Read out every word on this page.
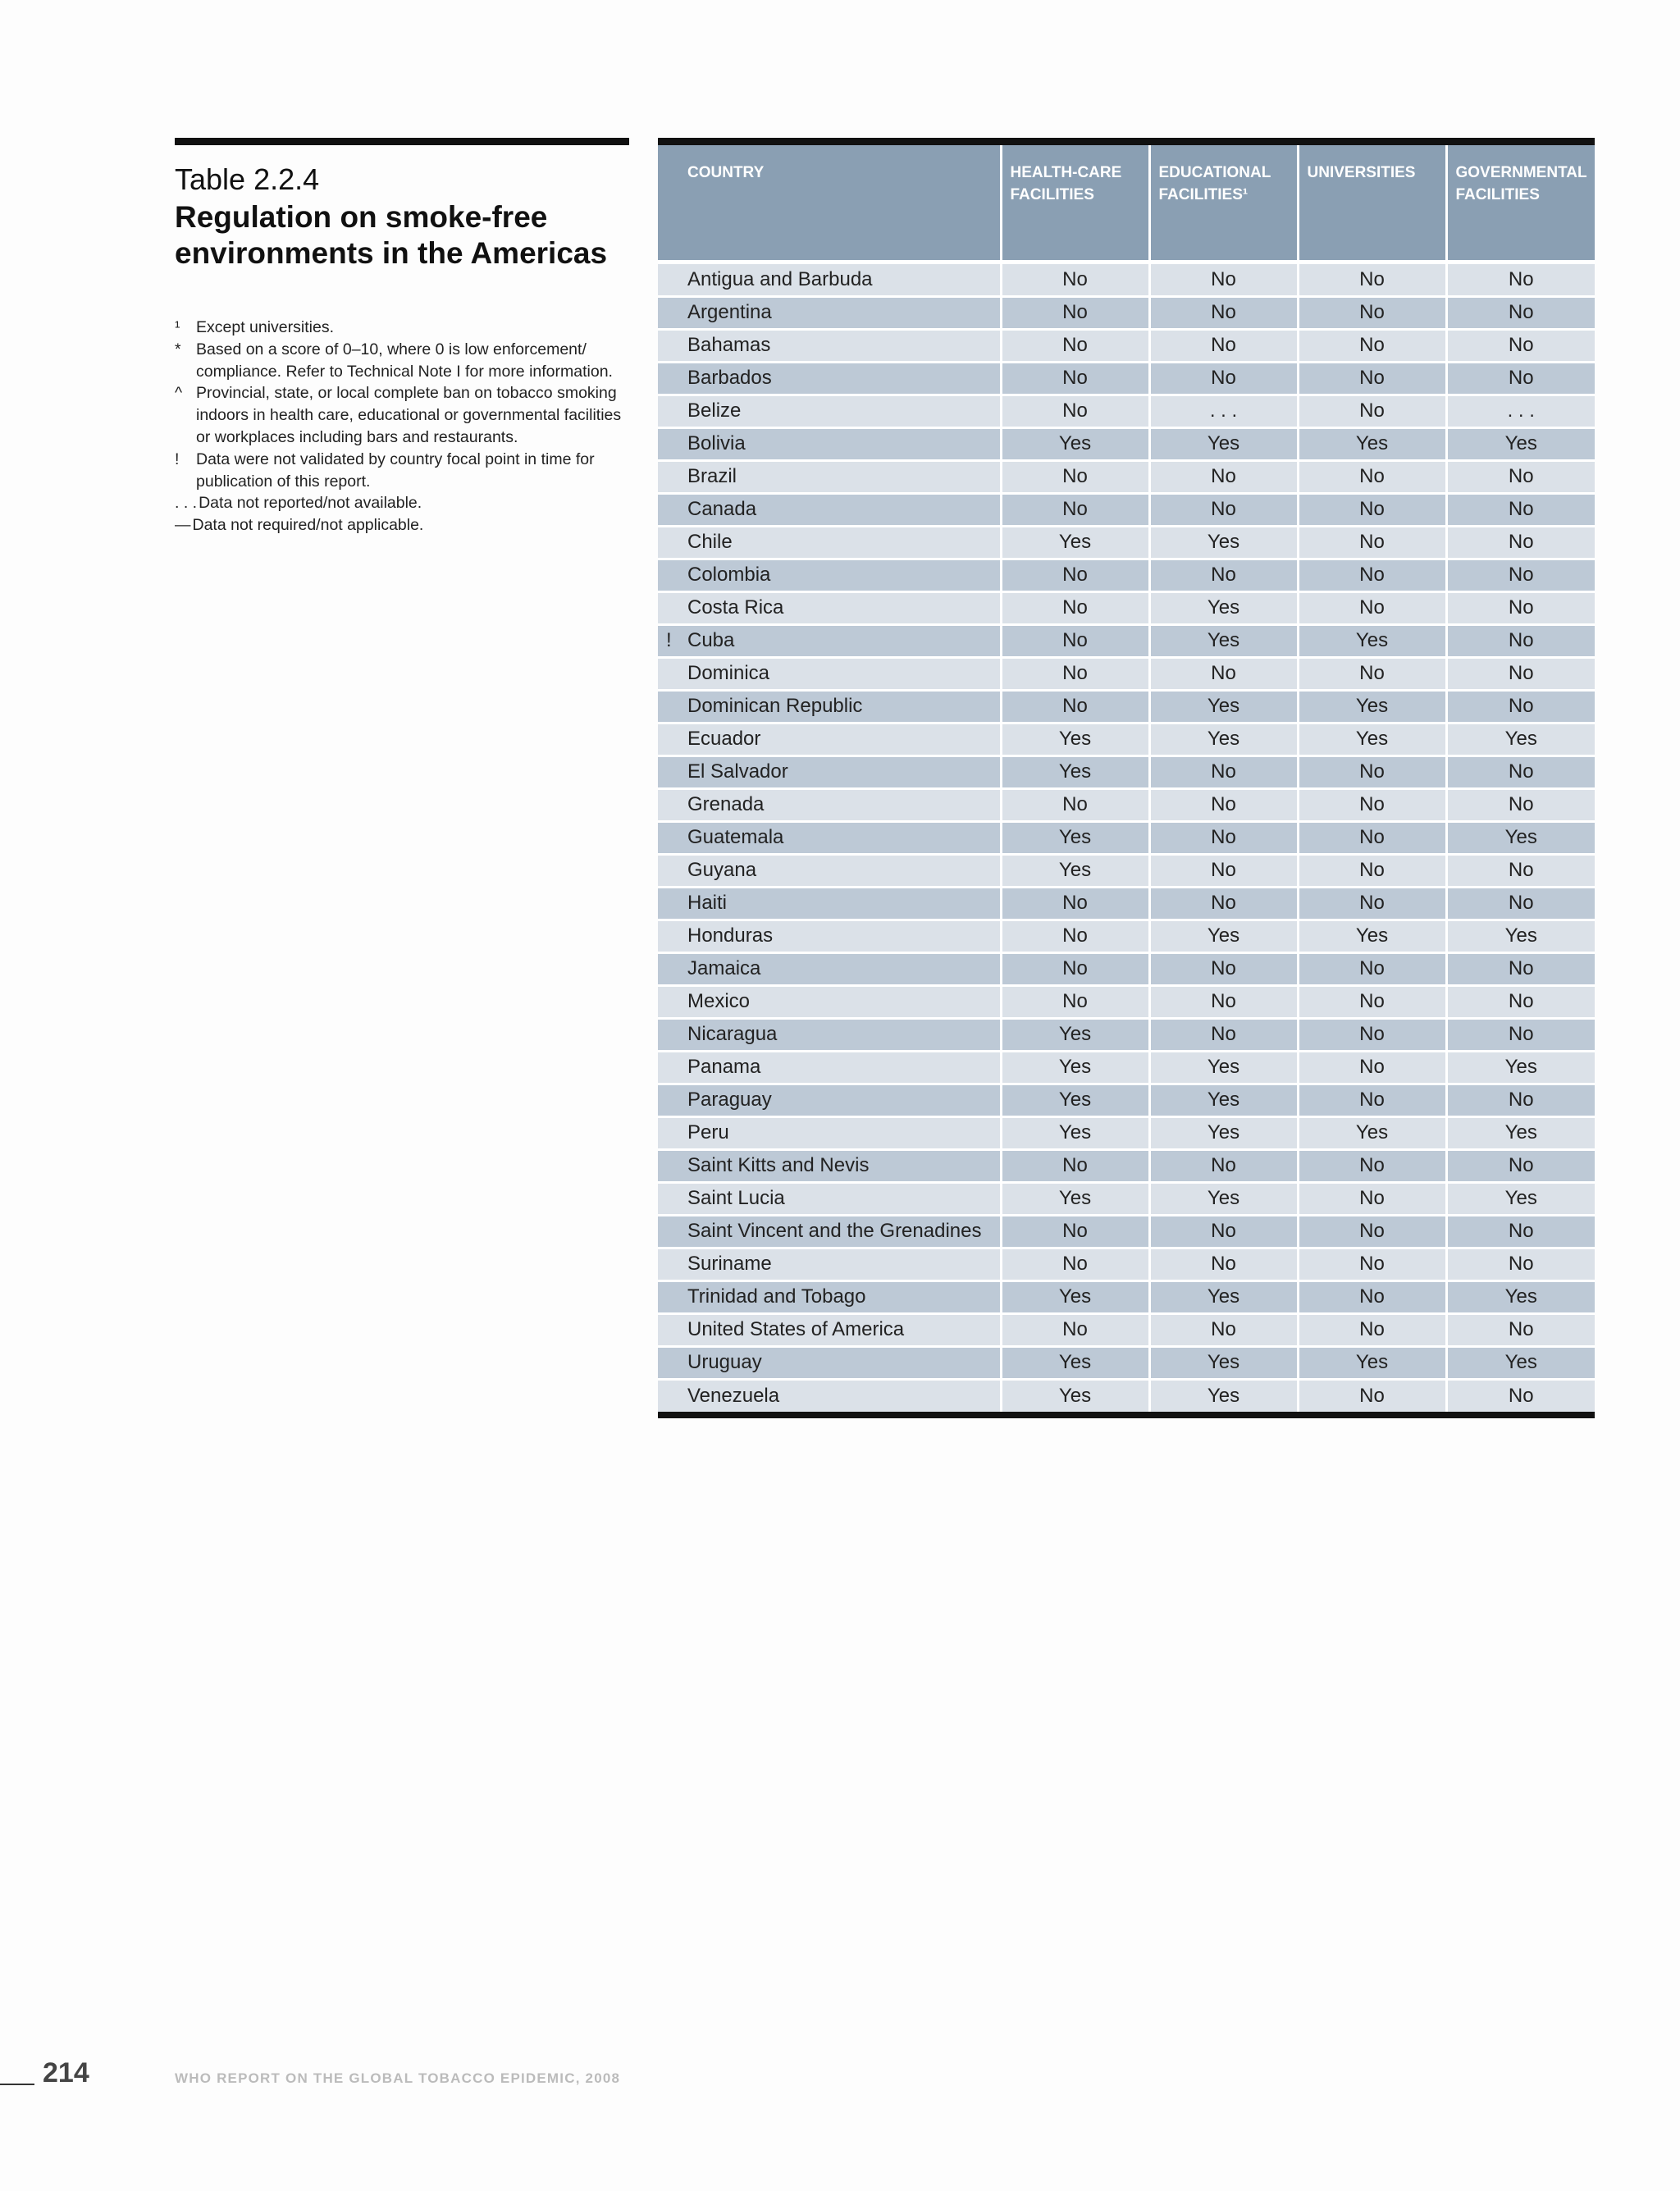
Table 2.2.4
Regulation on smoke-free environments in the Americas
¹	Except universities.
* Based on a score of 0–10, where 0 is low enforcement/ compliance. Refer to Technical Note I for more information.
^ Provincial, state, or local complete ban on tobacco smoking indoors in health care, educational or governmental facilities or workplaces including bars and restaurants.
!	Data were not validated by country focal point in time for publication of this report.
. . . Data not reported/not available.
— Data not required/not applicable.
COUNTRY	HEALTH-CARE FACILITIES	EDUCATIONAL FACILITIES¹	UNIVERSITIES	GOVERNMENTAL FACILITIES

Antigua and Barbuda	No	No	No	No

Argentina	No	No	No	No

Bahamas	No	No	No	No

Barbados	No	No	No	No

Belize	No	. . .	No	. . .

Bolivia	Yes	Yes	Yes	Yes

Brazil	No	No	No	No

Canada	No	No	No	No

Chile	Yes	Yes	No	No

Colombia	No	No	No	No

Costa Rica	No	Yes	No	No

! Cuba	No	Yes	Yes	No

Dominica	No	No	No	No

Dominican Republic	No	Yes	Yes	No

Ecuador	Yes	Yes	Yes	Yes

El Salvador	Yes	No	No	No

Grenada	No	No	No	No

Guatemala	Yes	No	No	Yes

Guyana	Yes	No	No	No

Haiti	No	No	No	No

Honduras	No	Yes	Yes	Yes

Jamaica	No	No	No	No

Mexico	No	No	No	No

Nicaragua	Yes	No	No	No

Panama	Yes	Yes	No	Yes

Paraguay	Yes	Yes	No	No

Peru	Yes	Yes	Yes	Yes

Saint Kitts and Nevis	No	No	No	No

Saint Lucia	Yes	Yes	No	Yes

Saint Vincent and the Grenadines	No	No	No	No

Suriname	No	No	No	No

Trinidad and Tobago	Yes	Yes	No	Yes

United States of America	No	No	No	No

Uruguay	Yes	Yes	Yes	Yes

Venezuela	Yes	Yes	No	No
214	WHO REPORT ON THE GLOBAL TOBACCO EPIDEMIC, 2008
